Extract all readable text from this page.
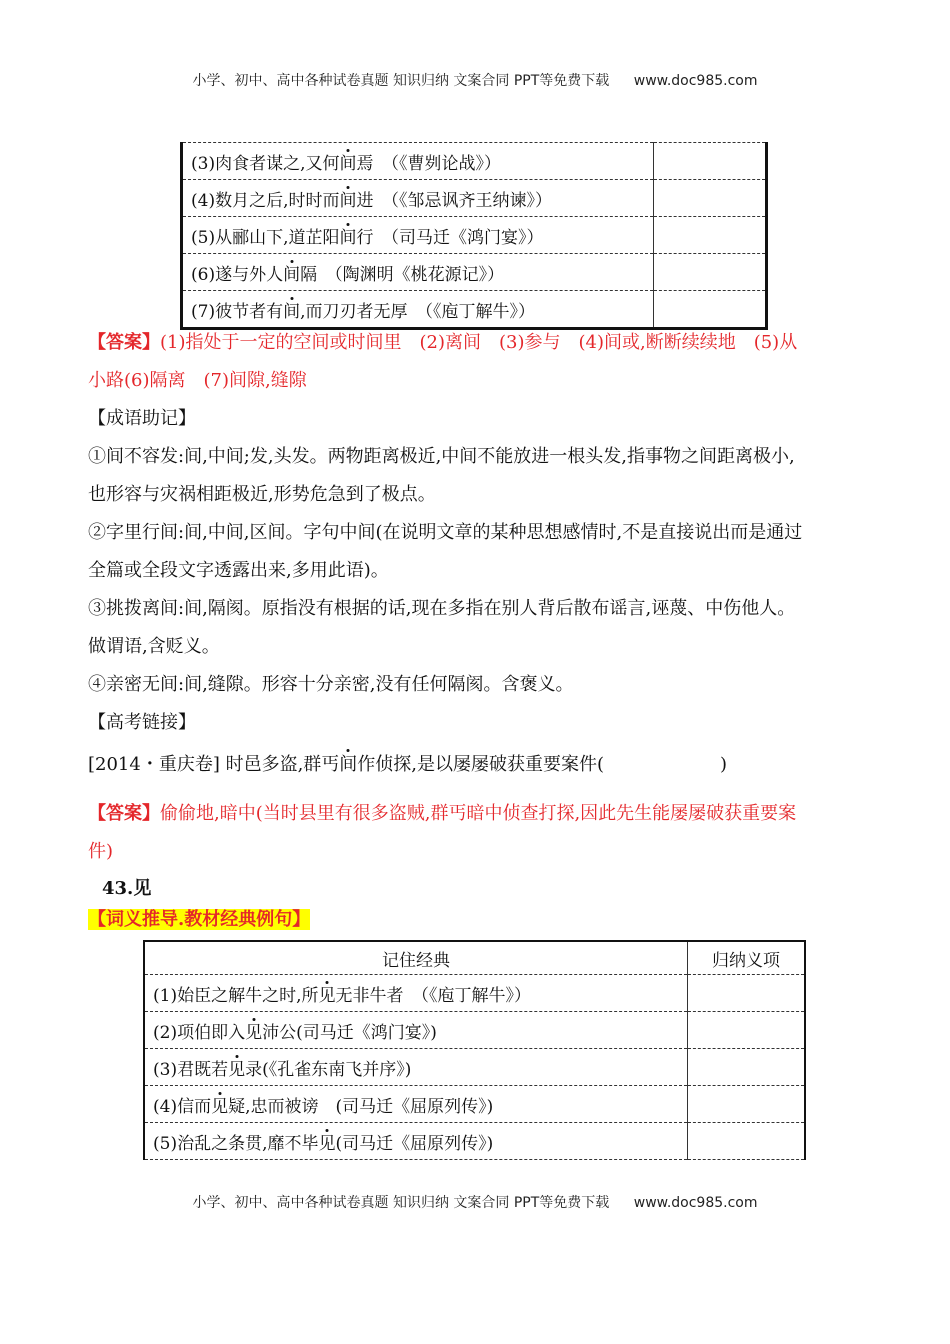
小学、初中、高中各种试卷真题 知识归纳 文案合同 PPT等免费下载 www.doc985.com
(3)肉食者谋之,又何间焉　（《曹刿论战》）	
(4)数月之后,时时而间进　（《邹忌讽齐王纳谏》）	
(5)从郦山下,道芷阳间行　（司马迁《鸿门宴》）	
(6)遂与外人间隔　（陶渊明《桃花源记》）	
(7)彼节者有间,而刀刃者无厚　（《庖丁解牛》）	
【答案】(1)指处于一定的空间或时间里　(2)离间　(3)参与　(4)间或,断断续续地　(5)从
小路(6)隔离　(7)间隙,缝隙
【成语助记】
①间不容发:间,中间;发,头发。两物距离极近,中间不能放进一根头发,指事物之间距离极小,
也形容与灾祸相距极近,形势危急到了极点。
②字里行间:间,中间,区间。字句中间(在说明文章的某种思想感情时,不是直接说出而是通过
全篇或全段文字透露出来,多用此语)。
③挑拨离间:间,隔阂。原指没有根据的话,现在多指在别人背后散布谣言,诬蔑、中伤他人。
做谓语,含贬义。
④亲密无间:间,缝隙。形容十分亲密,没有任何隔阂。含褒义。
【高考链接】
[2014・重庆卷] 时邑多盗,群丐间作侦探,是以屡屡破获重要案件(	)
【答案】偷偷地,暗中(当时县里有很多盗贼,群丐暗中侦查打探,因此先生能屡屡破获重要案
件)
43.见
【词义推导.教材经典例句】
记住经典	归纳义项
(1)始臣之解牛之时,所见无非牛者　（《庖丁解牛》）	
(2)项伯即入见沛公(司马迁《鸿门宴》)	
(3)君既若见录(《孔雀东南飞并序》)	
(4)信而见疑,忠而被谤　(司马迁《屈原列传》)	
(5)治乱之条贯,靡不毕见(司马迁《屈原列传》)	
小学、初中、高中各种试卷真题 知识归纳 文案合同 PPT等免费下载 www.doc985.com
